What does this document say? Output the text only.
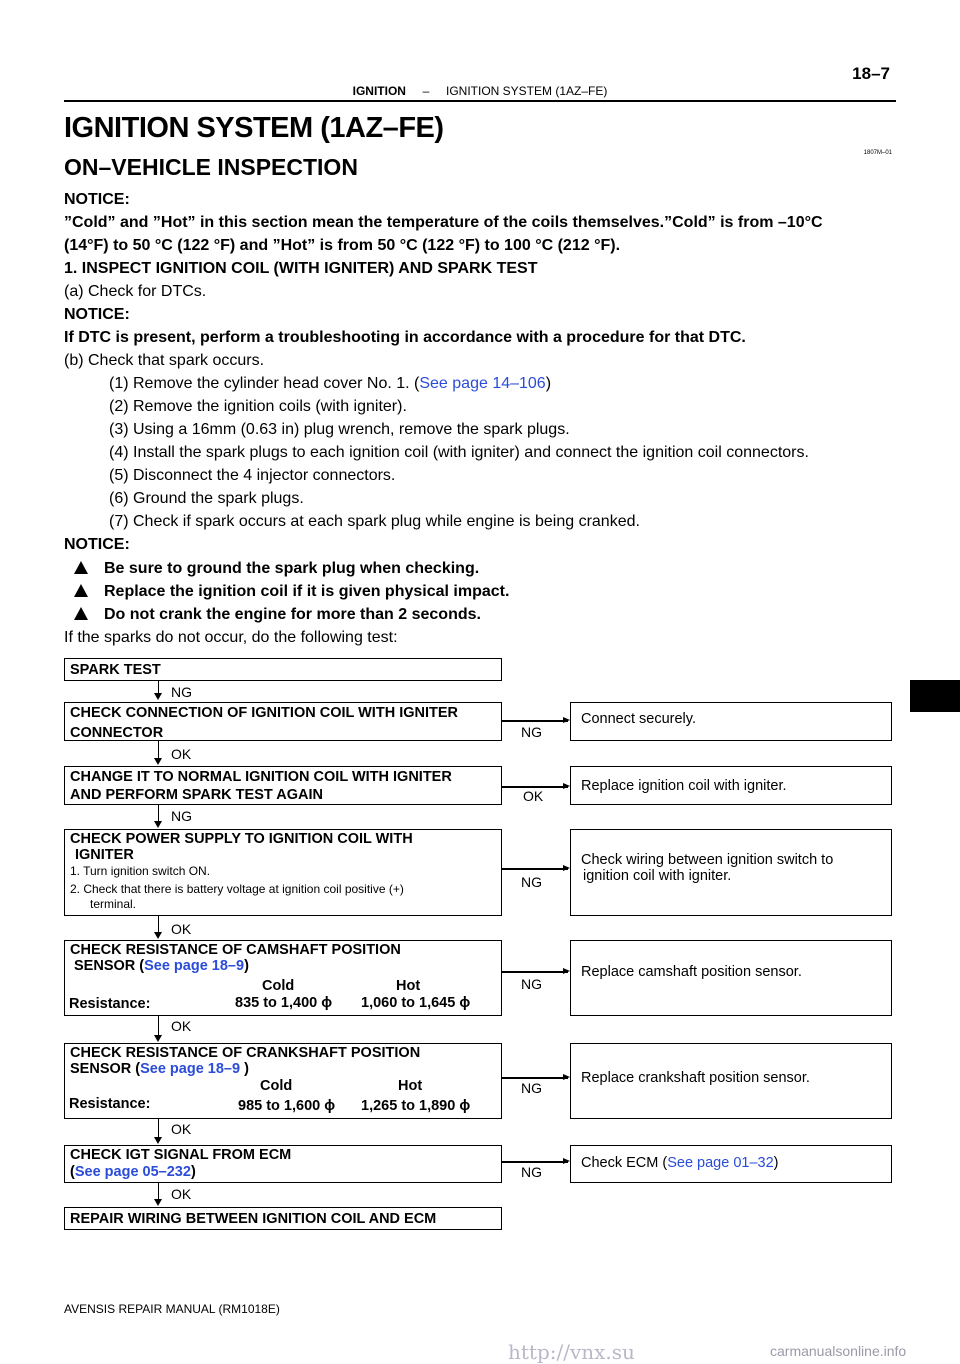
18–7
IGNITION – IGNITION SYSTEM (1AZ–FE)
IGNITION SYSTEM (1AZ–FE)
ON–VEHICLE INSPECTION
1807M–01
NOTICE:
”Cold” and ”Hot” in this section mean the temperature of the coils themselves.”Cold” is from –10°C
(14°F) to 50 °C (122 °F) and ”Hot” is from 50 °C (122 °F) to 100 °C (212 °F).
1. INSPECT IGNITION COIL (WITH IGNITER) AND SPARK TEST
(a) Check for DTCs.
NOTICE:
If DTC is present, perform a troubleshooting in accordance with a procedure for that DTC.
(b) Check that spark occurs.
(1) Remove the cylinder head cover No. 1. (See page 14–106)
(2) Remove the ignition coils (with igniter).
(3) Using a 16mm (0.63 in) plug wrench, remove the spark plugs.
(4) Install the spark plugs to each ignition coil (with igniter) and connect the ignition coil connectors.
(5) Disconnect the 4 injector connectors.
(6) Ground the spark plugs.
(7) Check if spark occurs at each spark plug while engine is being cranked.
NOTICE:
Be sure to ground the spark plug when checking.
Replace the ignition coil if it is given physical impact.
Do not crank the engine for more than 2 seconds.
If the sparks do not occur, do the following test:
SPARK TEST
NG
CHECK CONNECTION OF IGNITION COIL WITH IGNITER
CONNECTOR	NG
Connect securely.
OK
CHANGE IT TO NORMAL IGNITION COIL WITH IGNITER
AND PERFORM SPARK TEST AGAIN	OK
Replace ignition coil with igniter.
NG
CHECK POWER SUPPLY TO IGNITION COIL WITH
IGNITER
1. Turn ignition switch ON.
2. Check that there is battery voltage at ignition coil positive (+)
terminal.
NG
Check wiring between ignition switch to
ignition coil with igniter.
OK
CHECK RESISTANCE OF CAMSHAFT POSITION
SENSOR (See page 18–9)
Cold	Hot
Resistance:	835 to 1,400 ϕ 1,060 to 1,645 ϕ
NG
Replace camshaft position sensor.
OK
CHECK RESISTANCE OF CRANKSHAFT POSITION
SENSOR (See page 18–9 )
Cold	Hot
Resistance:	985 to 1,600 ϕ 1,265 to 1,890 ϕ
NG
Replace crankshaft position sensor.
OK
CHECK IGT SIGNAL FROM ECM
(See page 05–232)	NG
Check ECM ( See page 01–32 )
OK
REPAIR WIRING BETWEEN IGNITION COIL AND ECM
AVENSIS REPAIR MANUAL (RM1018E)
http://vnx.su	carmanualsonline.info
